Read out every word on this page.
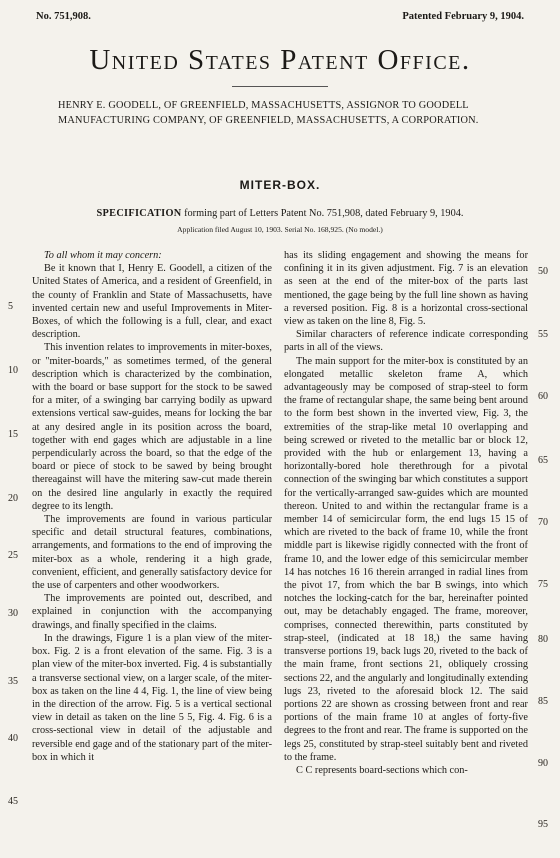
No. 751,908.	Patented February 9, 1904.
United States Patent Office.
HENRY E. GOODELL, OF GREENFIELD, MASSACHUSETTS, ASSIGNOR TO GOODELL MANUFACTURING COMPANY, OF GREENFIELD, MASSACHUSETTS, A CORPORATION.
MITER-BOX.
SPECIFICATION forming part of Letters Patent No. 751,908, dated February 9, 1904.
Application filed August 10, 1903. Serial No. 168,925. (No model.)

To all whom it may concern:

Be it known that I, Henry E. Goodell, a citizen of the United States of America, and a resident of Greenfield, in the county of Franklin and State of Massachusetts, have invented certain new and useful Improvements in Miter-Boxes, of which the following is a full, clear, and exact description.

This invention relates to improvements in miter-boxes, or "miter-boards," as sometimes termed, of the general description which is characterized by the combination, with the board or base support for the stock to be sawed for a miter, of a swinging bar carrying bodily as upward extensions vertical saw-guides, means for locking the bar at any desired angle in its position across the board, together with end gages which are adjustable in a line perpendicularly across the board, so that the edge of the board or piece of stock to be sawed by being brought thereagainst will have the mitering saw-cut made therein on the desired line angularly in exactly the required degree to its length.

The improvements are found in various particular specific and detail structural features, combinations, arrangements, and formations to the end of improving the miter-box as a whole, rendering it a high grade, convenient, efficient, and generally satisfactory device for the use of carpenters and other woodworkers.

The improvements are pointed out, described, and explained in conjunction with the accompanying drawings, and finally specified in the claims.

In the drawings, Figure 1 is a plan view of the miter-box. Fig. 2 is a front elevation of the same. Fig. 3 is a plan view of the miter-box inverted. Fig. 4 is substantially a transverse sectional view, on a larger scale, of the miter-box as taken on the line 4 4, Fig. 1, the line of view being in the direction of the arrow. Fig. 5 is a vertical sectional view in detail as taken on the line 5 5, Fig. 4. Fig. 6 is a cross-sectional view in detail of the adjustable and reversible end gage and of the stationary part of the miter-box in which it

has its sliding engagement and showing the means for confining it in its given adjustment. Fig. 7 is an elevation as seen at the end of the miter-box of the parts last mentioned, the gage being by the full line shown as having a reversed position. Fig. 8 is a horizontal cross-sectional view as taken on the line 8, Fig. 5.

Similar characters of reference indicate corresponding parts in all of the views.

The main support for the miter-box is constituted by an elongated metallic skeleton frame A, which advantageously may be composed of strap-steel to form the frame of rectangular shape, the same being bent around to the form best shown in the inverted view, Fig. 3, the extremities of the strap-like metal 10 overlapping and being screwed or riveted to the metallic bar or block 12, provided with the hub or enlargement 13, having a horizontally-bored hole therethrough for a pivotal connection of the swinging bar which constitutes a support for the vertically-arranged saw-guides which are mounted thereon. United to and within the rectangular frame is a member 14 of semicircular form, the end lugs 15 15 of which are riveted to the back of frame 10, while the front middle part is likewise rigidly connected with the front of frame 10, and the lower edge of this semicircular member 14 has notches 16 16 therein arranged in radial lines from the pivot 17, from which the bar B swings, into which notches the locking-catch for the bar, hereinafter pointed out, may be detachably engaged. The frame, moreover, comprises, connected therewithin, parts constituted by strap-steel, (indicated at 18 18,) the same having transverse portions 19, back lugs 20, riveted to the back of the main frame, front sections 21, obliquely crossing sections 22, and the angularly and longitudinally extending lugs 23, riveted to the aforesaid block 12. The said portions 22 are shown as crossing between front and rear portions of the main frame 10 at angles of forty-five degrees to the front and rear. The frame is supported on the legs 25, constituted by strap-steel suitably bent and riveted to the frame.

C C represents board-sections which con-

5
10
15
20
25
30
35
40
45
50
55
60
65
70
75
80
85
90
95
